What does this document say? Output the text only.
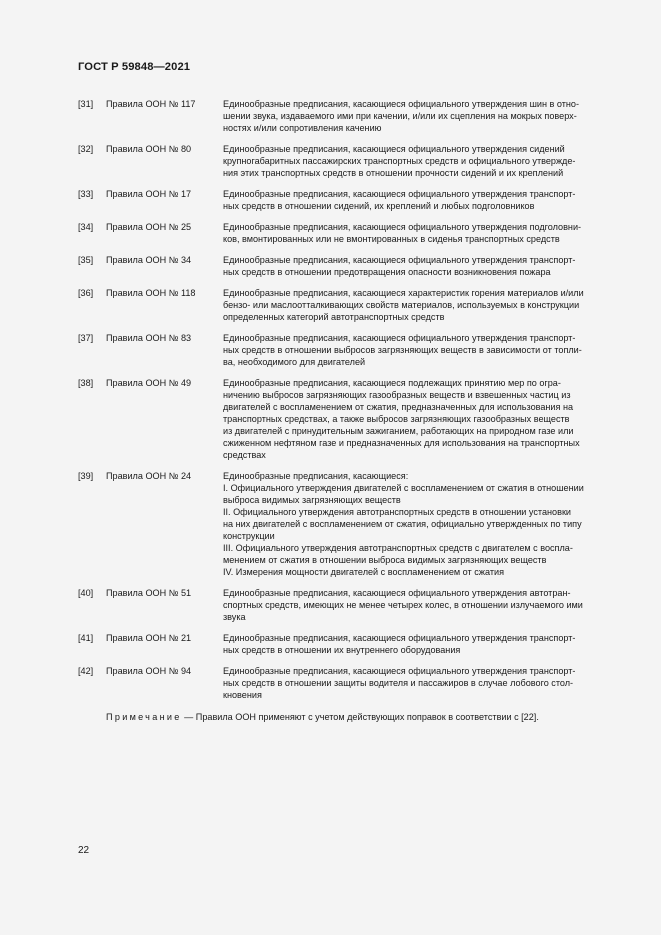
ГОСТ Р 59848—2021
[31]	Правила ООН № 117	Единообразные предписания, касающиеся официального утверждения шин в отно-
шении звука, издаваемого ими при качении, и/или их сцепления на мокрых поверх-
ностях и/или сопротивления качению
[32]	Правила ООН № 80	Единообразные предписания, касающиеся официального утверждения сидений
крупногабаритных пассажирских транспортных средств и официального утвержде-
ния этих транспортных средств в отношении прочности сидений и их креплений
[33]	Правила ООН № 17	Единообразные предписания, касающиеся официального утверждения транспорт-
ных средств в отношении сидений, их креплений и любых подголовников
[34]	Правила ООН № 25	Единообразные предписания, касающиеся официального утверждения подголовни-
ков, вмонтированных или не вмонтированных в сиденья транспортных средств
[35]	Правила ООН № 34	Единообразные предписания, касающиеся официального утверждения транспорт-
ных средств в отношении предотвращения опасности возникновения пожара
[36]	Правила ООН № 118	Единообразные предписания, касающиеся характеристик горения материалов и/или
бензо- или маслоотталкивающих свойств материалов, используемых в конструкции
определенных категорий автотранспортных средств
[37]	Правила ООН № 83	Единообразные предписания, касающиеся официального утверждения транспорт-
ных средств в отношении выбросов загрязняющих веществ в зависимости от топли-
ва, необходимого для двигателей
[38]	Правила ООН № 49	Единообразные предписания, касающиеся подлежащих принятию мер по огра-
ничению выбросов загрязняющих газообразных веществ и взвешенных частиц из
двигателей с воспламенением от сжатия, предназначенных для использования на
транспортных средствах, а также выбросов загрязняющих газообразных веществ
из двигателей с принудительным зажиганием, работающих на природном газе или
сжиженном нефтяном газе и предназначенных для использования на транспортных
средствах
[39]	Правила ООН № 24	Единообразные предписания, касающиеся:
I. Официального утверждения двигателей с воспламенением от сжатия в отношении
выброса видимых загрязняющих веществ
II. Официального утверждения автотранспортных средств в отношении установки
на них двигателей с воспламенением от сжатия, официально утвержденных по типу
конструкции
III. Официального утверждения автотранспортных средств с двигателем с воспла-
менением от сжатия в отношении выброса видимых загрязняющих веществ
IV. Измерения мощности двигателей с воспламенением от сжатия
[40]	Правила ООН № 51	Единообразные предписания, касающиеся официального утверждения автотран-
спортных средств, имеющих не менее четырех колес, в отношении излучаемого ими
звука
[41]	Правила ООН № 21	Единообразные предписания, касающиеся официального утверждения транспорт-
ных средств в отношении их внутреннего оборудования
[42]	Правила ООН № 94	Единообразные предписания, касающиеся официального утверждения транспорт-
ных средств в отношении защиты водителя и пассажиров в случае лобового стол-
кновения
Примечание — Правила ООН применяют с учетом действующих поправок в соответствии с [22].
22
